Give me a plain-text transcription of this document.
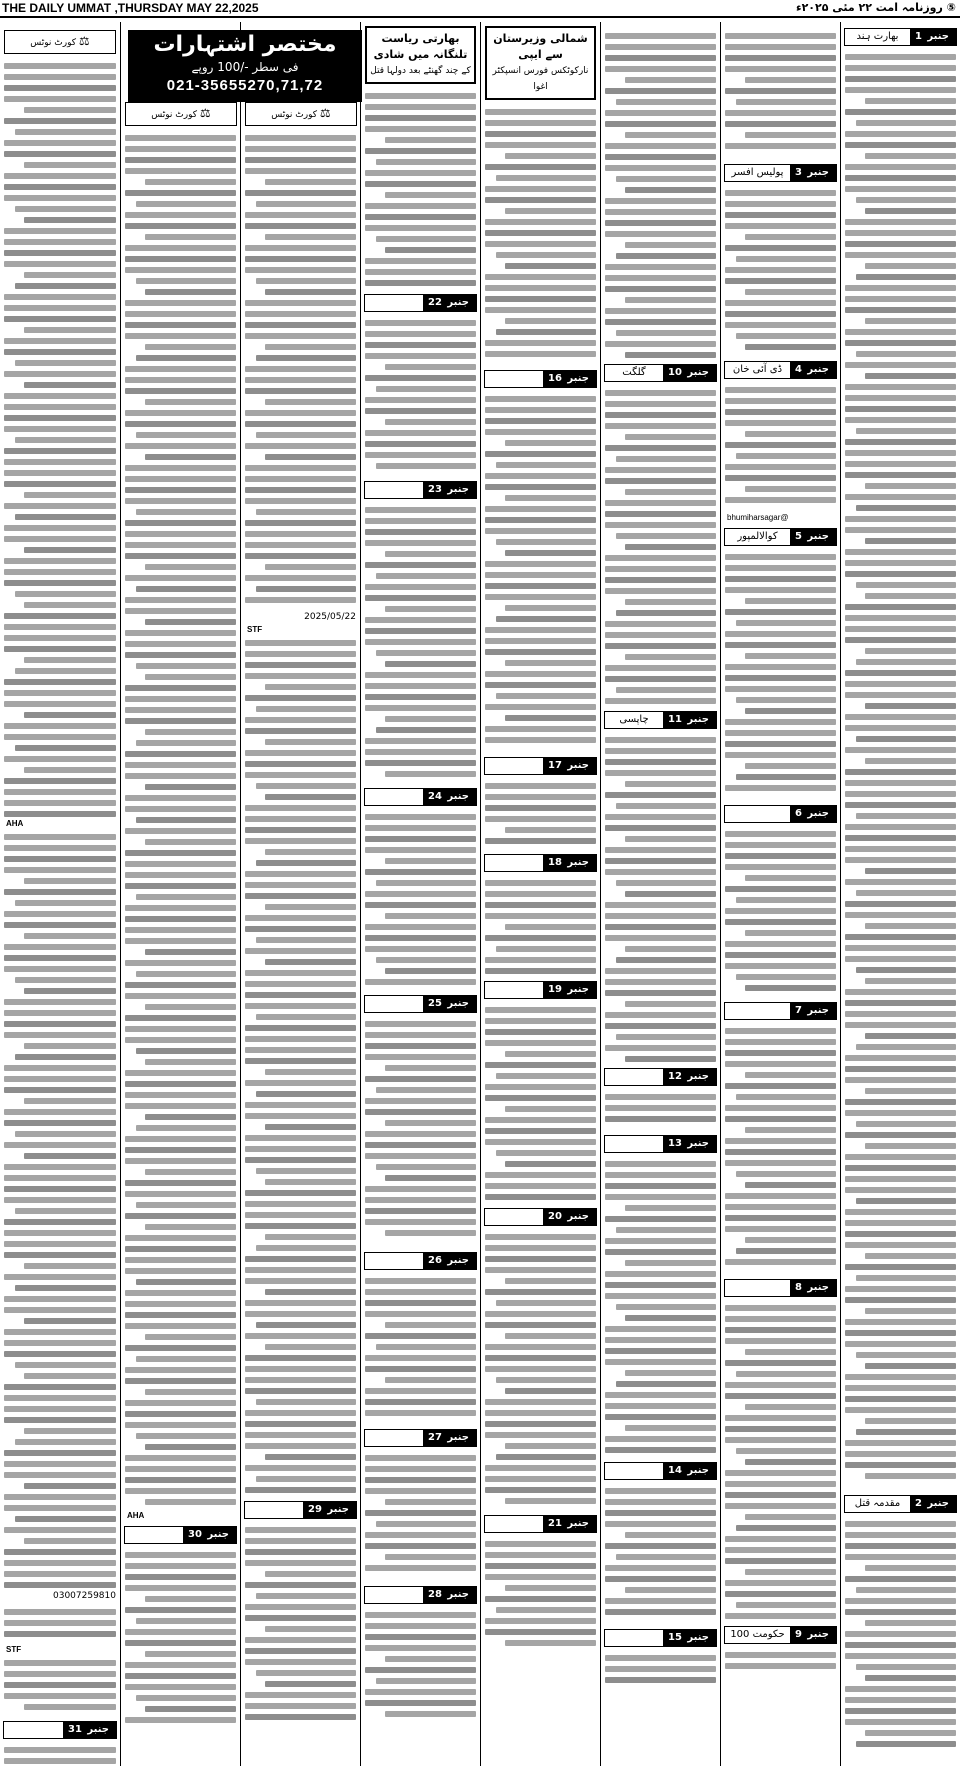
THE DAILY UMMAT ,THURSDAY MAY 22,2025	⑤ روزنامہ امت ۲۲ مئی ۲۰۲۵ء
⚖ کورٹ نوٹس
AHA
03007259810
STF
جنبر 31
⚖ کورٹ نوٹس
AHA
جنبر 30
⚖ کورٹ نوٹس
2025/05/22
STF
جنبر 29
مختصر اشتہارات
فی سطر -/100 روپے
021-35655270,71,72
بھارتی ریاست تلنگانہ میں شادی
کے چند گھنٹے بعد دولہا قتل
جنبر 22
جنبر 23
جنبر 24
جنبر 25
جنبر 26
جنبر 27
جنبر 28
شمالی وزیرستان سے ایپی
نارکوٹکس فورس انسپکٹر اغوا
جنبر 16
جنبر 17
جنبر 18
جنبر 19
جنبر 20
جنبر 21
جنبر 10
گلگت
جنبر 11
چاپسی
جنبر 12
جنبر 13
جنبر 14
جنبر 15
جنبر 3
پولیس افسر
جنبر 4
ڈی آئی خان
bhumiharsagar@
جنبر 5
کوالالمپور
جنبر 6
جنبر 7
جنبر 8
جنبر 9
حکومت 100
جنبر 1
بھارت ہند
جنبر 2
مقدمہ قتل
